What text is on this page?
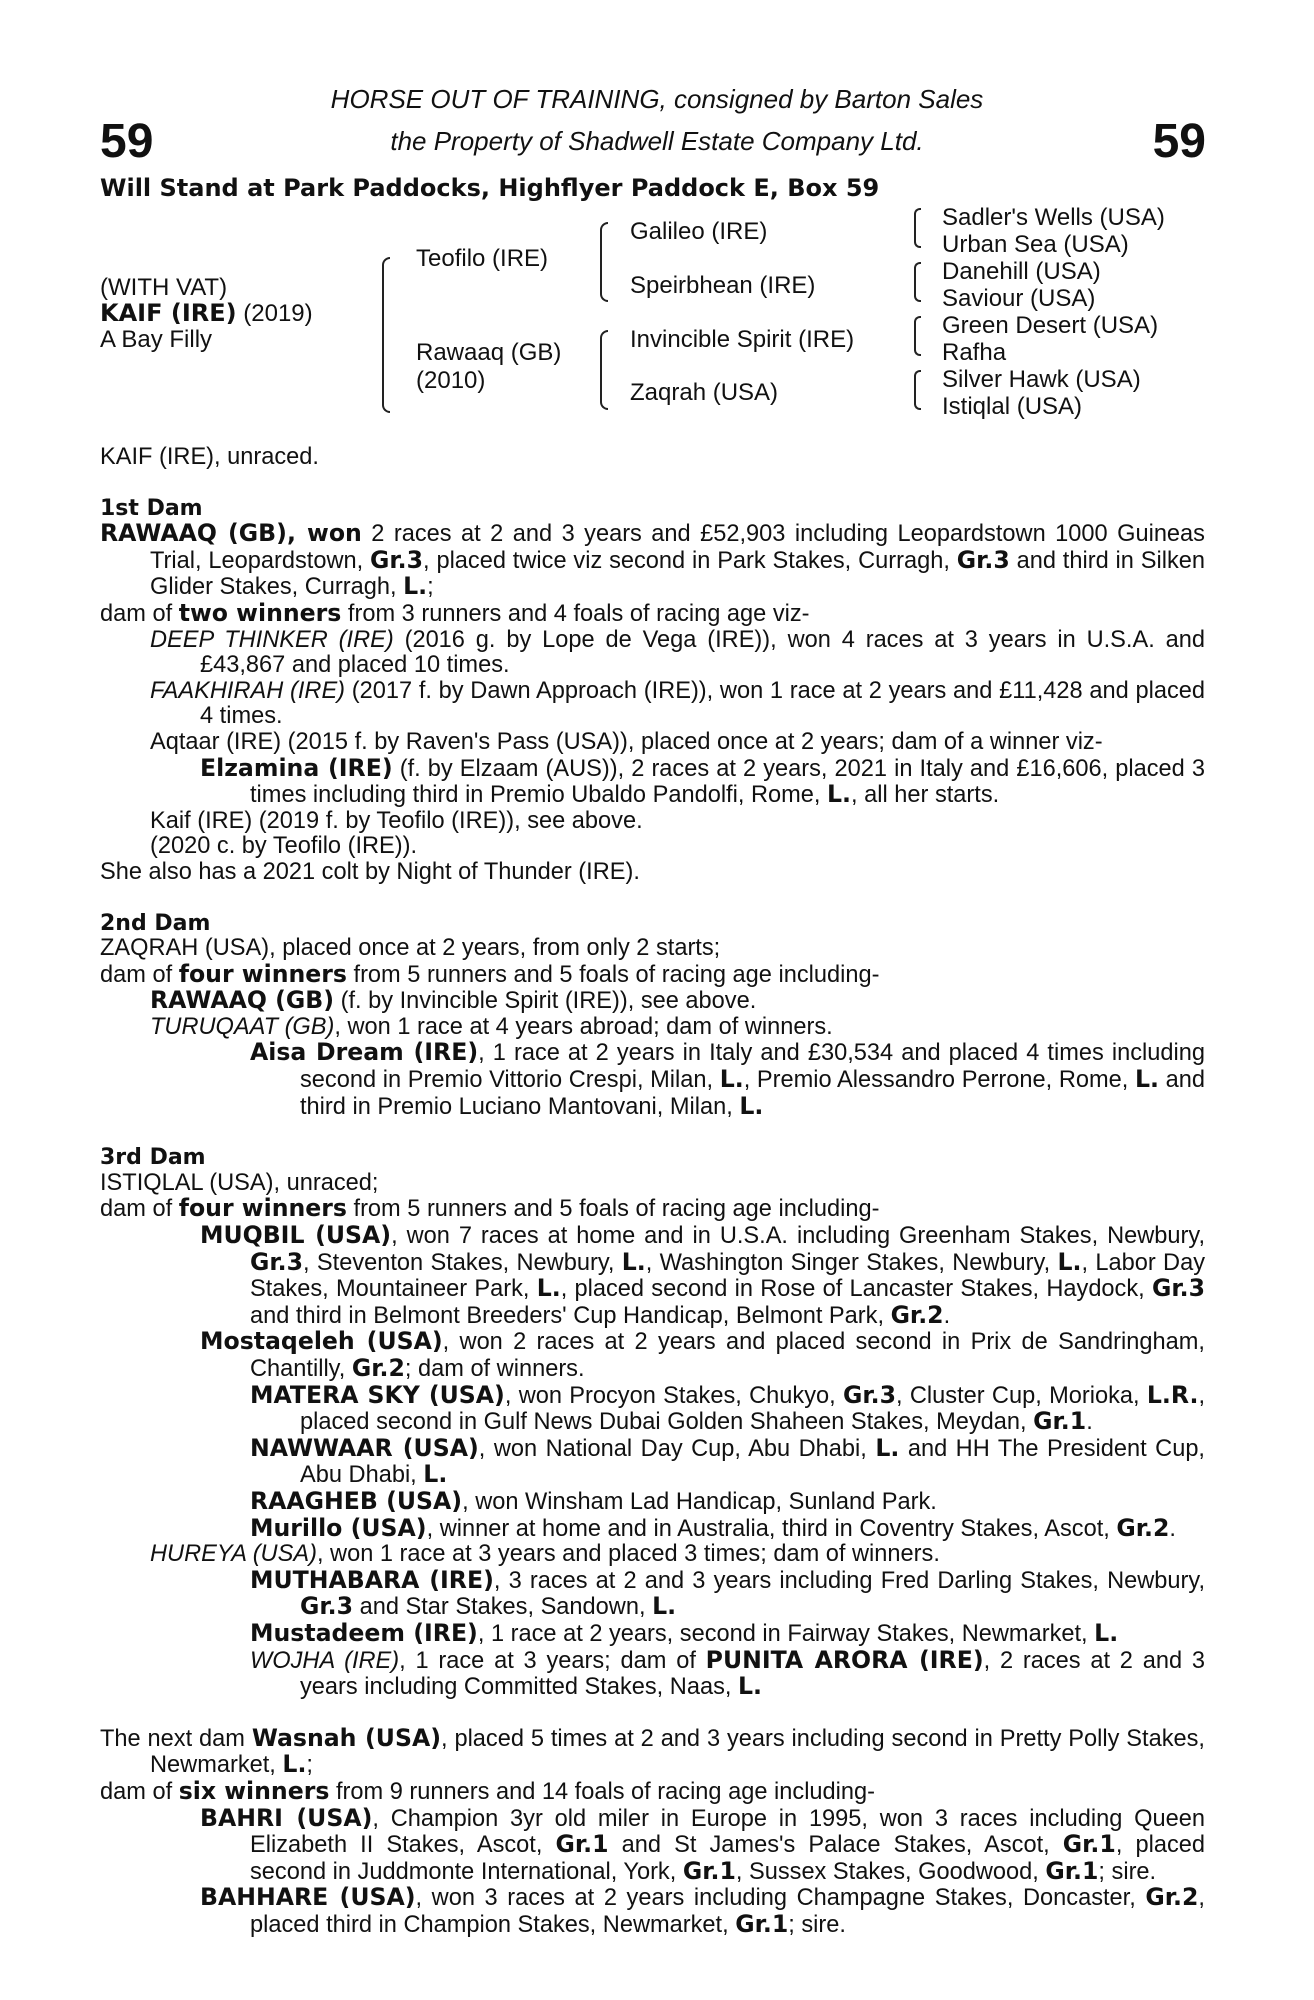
59	59
HORSE OUT OF TRAINING, consigned by Barton Sales
the Property of Shadwell Estate Company Ltd.
Will Stand at Park Paddocks, Highflyer Paddock E, Box 59
(WITH VAT)
KAIF (IRE) (2019)
A Bay Filly
Teofilo (IRE)
Rawaaq (GB)
(2010)
Galileo (IRE)
Speirbhean (IRE)
Invincible Spirit (IRE)
Zaqrah (USA)
Sadler's Wells (USA)
Urban Sea (USA)
Danehill (USA)
Saviour (USA)
Green Desert (USA)
Rafha
Silver Hawk (USA)
Istiqlal (USA)

KAIF (IRE), unraced.

1st Dam

RAWAAQ (GB), won 2 races at 2 and 3 years and £52,903 including Leopardstown 1000 Guineas Trial, Leopardstown, Gr.3, placed twice viz second in Park Stakes, Curragh, Gr.3 and third in Silken Glider Stakes, Curragh, L.;

dam of two winners from 3 runners and 4 foals of racing age viz-

DEEP THINKER (IRE) (2016 g. by Lope de Vega (IRE)), won 4 races at 3 years in U.S.A. and £43,867 and placed 10 times.

FAAKHIRAH (IRE) (2017 f. by Dawn Approach (IRE)), won 1 race at 2 years and £11,428 and placed 4 times.

Aqtaar (IRE) (2015 f. by Raven's Pass (USA)), placed once at 2 years; dam of a winner viz-

Elzamina (IRE) (f. by Elzaam (AUS)), 2 races at 2 years, 2021 in Italy and £16,606, placed 3 times including third in Premio Ubaldo Pandolfi, Rome, L., all her starts.

Kaif (IRE) (2019 f. by Teofilo (IRE)), see above.

(2020 c. by Teofilo (IRE)).

She also has a 2021 colt by Night of Thunder (IRE).

2nd Dam

ZAQRAH (USA), placed once at 2 years, from only 2 starts;

dam of four winners from 5 runners and 5 foals of racing age including-

RAWAAQ (GB) (f. by Invincible Spirit (IRE)), see above.

TURUQAAT (GB), won 1 race at 4 years abroad; dam of winners.

Aisa Dream (IRE), 1 race at 2 years in Italy and £30,534 and placed 4 times including second in Premio Vittorio Crespi, Milan, L., Premio Alessandro Perrone, Rome, L. and third in Premio Luciano Mantovani, Milan, L.

3rd Dam

ISTIQLAL (USA), unraced;

dam of four winners from 5 runners and 5 foals of racing age including-

MUQBIL (USA), won 7 races at home and in U.S.A. including Greenham Stakes, Newbury, Gr.3, Steventon Stakes, Newbury, L., Washington Singer Stakes, Newbury, L., Labor Day Stakes, Mountaineer Park, L., placed second in Rose of Lancaster Stakes, Haydock, Gr.3 and third in Belmont Breeders' Cup Handicap, Belmont Park, Gr.2.

Mostaqeleh (USA), won 2 races at 2 years and placed second in Prix de Sandringham, Chantilly, Gr.2; dam of winners.

MATERA SKY (USA), won Procyon Stakes, Chukyo, Gr.3, Cluster Cup, Morioka, L.R., placed second in Gulf News Dubai Golden Shaheen Stakes, Meydan, Gr.1.

NAWWAAR (USA), won National Day Cup, Abu Dhabi, L. and HH The President Cup, Abu Dhabi, L.

RAAGHEB (USA), won Winsham Lad Handicap, Sunland Park.

Murillo (USA), winner at home and in Australia, third in Coventry Stakes, Ascot, Gr.2.

HUREYA (USA), won 1 race at 3 years and placed 3 times; dam of winners.

MUTHABARA (IRE), 3 races at 2 and 3 years including Fred Darling Stakes, Newbury, Gr.3 and Star Stakes, Sandown, L.

Mustadeem (IRE), 1 race at 2 years, second in Fairway Stakes, Newmarket, L.

WOJHA (IRE), 1 race at 3 years; dam of PUNITA ARORA (IRE), 2 races at 2 and 3 years including Committed Stakes, Naas, L.

The next dam Wasnah (USA), placed 5 times at 2 and 3 years including second in Pretty Polly Stakes, Newmarket, L.;

dam of six winners from 9 runners and 14 foals of racing age including-

BAHRI (USA), Champion 3yr old miler in Europe in 1995, won 3 races including Queen Elizabeth II Stakes, Ascot, Gr.1 and St James's Palace Stakes, Ascot, Gr.1, placed second in Juddmonte International, York, Gr.1, Sussex Stakes, Goodwood, Gr.1; sire.

BAHHARE (USA), won 3 races at 2 years including Champagne Stakes, Doncaster, Gr.2, placed third in Champion Stakes, Newmarket, Gr.1; sire.
